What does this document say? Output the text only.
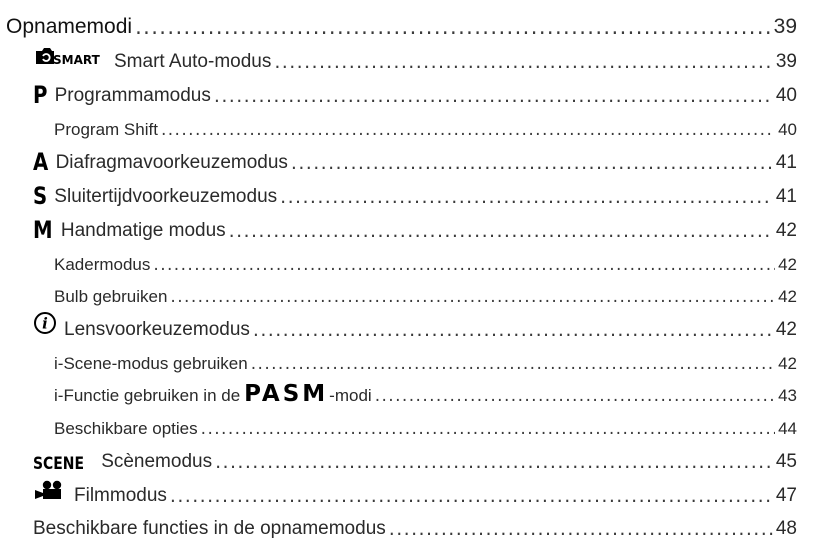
Opnamemodi .....	39
SMART Smart Auto-modus .....	39
P Programmamodus .....	40
Program Shift .....	40
A Diafragmavoorkeuzemodus .....	41
S Sluitertijdvoorkeuzemodus .....	41
M Handmatige modus .....	42
Kadermodus .....	42
Bulb gebruiken .....	42
i Lensvoorkeuzemodus .....	42
i-Scene-modus gebruiken .....	42
i-Functie gebruiken in de PASM -modi .....	43
Beschikbare opties .....	44
SCENE Scènemodus .....	45
Filmmodus .....	47
Beschikbare functies in de opnamemodus .....	48
